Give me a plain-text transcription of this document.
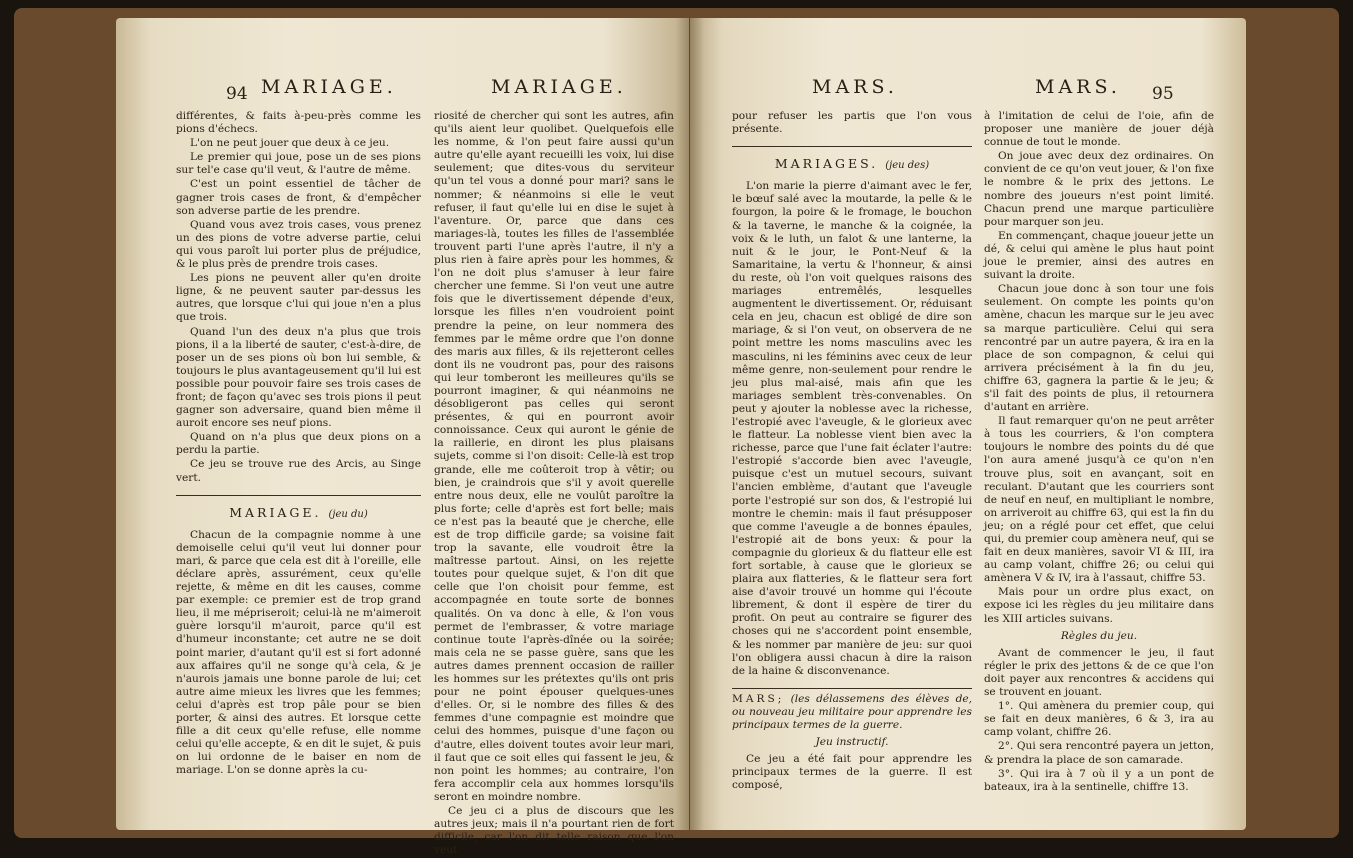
94 MARIAGE.	MARIAGE.

différentes, & faits à-peu-près comme les pions d'échecs.

L'on ne peut jouer que deux à ce jeu.

Le premier qui joue, pose un de ses pions sur tel'e case qu'il veut, & l'autre de même.

C'est un point essentiel de tâcher de gagner trois cases de front, & d'empêcher son adverse partie de les prendre.

Quand vous avez trois cases, vous prenez un des pions de votre adverse partie, celui qui vous paroît lui porter plus de préjudice, & le plus près de prendre trois cases.

Les pions ne peuvent aller qu'en droite ligne, & ne peuvent sauter par-dessus les autres, que lorsque c'lui qui joue n'en a plus que trois.

Quand l'un des deux n'a plus que trois pions, il a la liberté de sauter, c'est-à-dire, de poser un de ses pions où bon lui semble, & toujours le plus avantageusement qu'il lui est possible pour pouvoir faire ses trois cases de front; de façon qu'avec ses trois pions il peut gagner son adversaire, quand bien même il auroit encore ses neuf pions.

Quand on n'a plus que deux pions on a perdu la partie.

Ce jeu se trouve rue des Arcis, au Singe vert.

MARIAGE. (jeu du)

Chacun de la compagnie nomme à une demoiselle celui qu'il veut lui donner pour mari, & parce que cela est dit à l'oreille, elle déclare après, assurément, ceux qu'elle rejette, & même en dit les causes, comme par exemple: ce premier est de trop grand lieu, il me mépriseroit; celui-là ne m'aimeroit guère lorsqu'il m'auroit, parce qu'il est d'humeur inconstante; cet autre ne se doit point marier, d'autant qu'il est si fort adonné aux affaires qu'il ne songe qu'à cela, & je n'aurois jamais une bonne parole de lui; cet autre aime mieux les livres que les femmes; celui d'après est trop pâle pour se bien porter, & ainsi des autres. Et lorsque cette fille a dit ceux qu'elle refuse, elle nomme celui qu'elle accepte, & en dit le sujet, & puis on lui ordonne de le baiser en nom de mariage. L'on se donne après la cu-

riosité de chercher qui sont les autres, afin qu'ils aient leur quolibet. Quelquefois elle les nomme, & l'on peut faire aussi qu'un autre qu'elle ayant recueilli les voix, lui dise seulement; que dites-vous du serviteur qu'un tel vous a donné pour mari? sans le nommer; & néanmoins si elle le veut refuser, il faut qu'elle lui en dise le sujet à l'aventure. Or, parce que dans ces mariages-là, toutes les filles de l'assemblée trouvent parti l'une après l'autre, il n'y a plus rien à faire après pour les hommes, & l'on ne doit plus s'amuser à leur faire chercher une femme. Si l'on veut une autre fois que le divertissement dépende d'eux, lorsque les filles n'en voudroient point prendre la peine, on leur nommera des femmes par le même ordre que l'on donne des maris aux filles, & ils rejetteront celles dont ils ne voudront pas, pour des raisons qui leur tomberont les meilleures qu'ils se pourront imaginer, & qui néanmoins ne désobligeront pas celles qui seront présentes, & qui en pourront avoir connoissance. Ceux qui auront le génie de la raillerie, en diront les plus plaisans sujets, comme si l'on disoit: Celle-là est trop grande, elle me coûteroit trop à vêtir; ou bien, je craindrois que s'il y avoit querelle entre nous deux, elle ne voulût paroître la plus forte; celle d'après est fort belle; mais ce n'est pas la beauté que je cherche, elle est de trop difficile garde; sa voisine fait trop la savante, elle voudroit être la maîtresse partout. Ainsi, on les rejette toutes pour quelque sujet, & l'on dit que celle que l'on choisit pour femme, est accompagnée en toute sorte de bonnes qualités. On va donc à elle, & l'on vous permet de l'embrasser, & votre mariage continue toute l'après-dînée ou la soirée; mais cela ne se passe guère, sans que les autres dames prennent occasion de railler les hommes sur les prétextes qu'ils ont pris pour ne point épouser quelques-unes d'elles. Or, si le nombre des filles & des femmes d'une compagnie est moindre que celui des hommes, puisque d'une façon ou d'autre, elles doivent toutes avoir leur mari, il faut que ce soit elles qui fassent le jeu, & non point les hommes; au contraire, l'on fera accomplir cela aux hommes lorsqu'ils seront en moindre nombre.

Ce jeu ci a plus de discours que les autres jeux; mais il n'a pourtant rien de fort difficile, car l'on dit telle raison que l'on veut

MARS.	MARS. 95

pour refuser les partis que l'on vous présente.

MARIAGES. (jeu des)

L'on marie la pierre d'aimant avec le fer, le bœuf salé avec la moutarde, la pelle & le fourgon, la poire & le fromage, le bouchon & la taverne, le manche & la coignée, la voix & le luth, un falot & une lanterne, la nuit & le jour, le Pont-Neuf & la Samaritaine, la vertu & l'honneur, & ainsi du reste, où l'on voit quelques raisons des mariages entremêlés, lesquelles augmentent le divertissement. Or, réduisant cela en jeu, chacun est obligé de dire son mariage, & si l'on veut, on observera de ne point mettre les noms masculins avec les masculins, ni les féminins avec ceux de leur même genre, non-seulement pour rendre le jeu plus mal-aisé, mais afin que les mariages semblent très-convenables. On peut y ajouter la noblesse avec la richesse, l'estropié avec l'aveugle, & le glorieux avec le flatteur. La noblesse vient bien avec la richesse, parce que l'une fait éclater l'autre: l'estropié s'accorde bien avec l'aveugle, puisque c'est un mutuel secours, suivant l'ancien emblème, d'autant que l'aveugle porte l'estropié sur son dos, & l'estropié lui montre le chemin: mais il faut présupposer que comme l'aveugle a de bonnes épaules, l'estropié ait de bons yeux: & pour la compagnie du glorieux & du flatteur elle est fort sortable, à cause que le glorieux se plaira aux flatteries, & le flatteur sera fort aise d'avoir trouvé un homme qui l'écoute librement, & dont il espère de tirer du profit. On peut au contraire se figurer des choses qui ne s'accordent point ensemble, & les nommer par manière de jeu: sur quoi l'on obligera aussi chacun à dire la raison de la haine & disconvenance.

MARS; (les délassemens des élèves de, ou nouveau jeu militaire pour apprendre les principaux termes de la guerre.

Jeu instructif.

Ce jeu a été fait pour apprendre les principaux termes de la guerre. Il est composé,

à l'imitation de celui de l'oie, afin de proposer une manière de jouer déjà connue de tout le monde.

On joue avec deux dez ordinaires. On convient de ce qu'on veut jouer, & l'on fixe le nombre & le prix des jettons. Le nombre des joueurs n'est point limité. Chacun prend une marque particulière pour marquer son jeu.

En commençant, chaque joueur jette un dé, & celui qui amène le plus haut point joue le premier, ainsi des autres en suivant la droite.

Chacun joue donc à son tour une fois seulement. On compte les points qu'on amène, chacun les marque sur le jeu avec sa marque particulière. Celui qui sera rencontré par un autre payera, & ira en la place de son compagnon, & celui qui arrivera précisément à la fin du jeu, chiffre 63, gagnera la partie & le jeu; & s'il fait des points de plus, il retournera d'autant en arrière.

Il faut remarquer qu'on ne peut arrêter à tous les courriers, & l'on comptera toujours le nombre des points du dé que l'on aura amené jusqu'à ce qu'on n'en trouve plus, soit en avançant, soit en reculant. D'autant que les courriers sont de neuf en neuf, en multipliant le nombre, on arriveroit au chiffre 63, qui est la fin du jeu; on a réglé pour cet effet, que celui qui, du premier coup amènera neuf, qui se fait en deux manières, savoir VI & III, ira au camp volant, chiffre 26; ou celui qui amènera V & IV, ira à l'assaut, chiffre 53.

Mais pour un ordre plus exact, on expose ici les règles du jeu militaire dans les XIII articles suivans.

Règles du jeu.

Avant de commencer le jeu, il faut régler le prix des jettons & de ce que l'on doit payer aux rencontres & accidens qui se trouvent en jouant.

1°. Qui amènera du premier coup, qui se fait en deux manières, 6 & 3, ira au camp volant, chiffre 26.

2°. Qui sera rencontré payera un jetton, & prendra la place de son camarade.

3°. Qui ira à 7 où il y a un pont de bateaux, ira à la sentinelle, chiffre 13.
